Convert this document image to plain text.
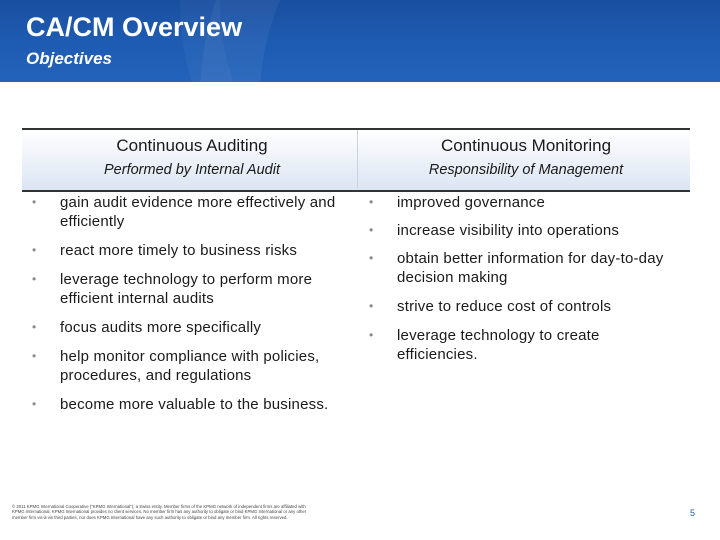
CA/CM Overview
Objectives
Continuous Auditing
Performed by Internal Audit
Continuous Monitoring
Responsibility of Management
• gain audit evidence more effectively and efficiently
• react more timely to business risks
• leverage technology to perform more efficient internal audits
• focus audits more specifically
• help monitor compliance with policies, procedures, and regulations
• become more valuable to the business.
• improved governance
• increase visibility into operations
• obtain better information for day-to-day decision making
• strive to reduce cost of controls
• leverage technology to create efficiencies.
© 2011 KPMG International Cooperative ("KPMG International"), a Swiss entity. Member firms of the KPMG network of independent firms are affiliated with KPMG International. KPMG International provides no client services. No member firm has any authority to obligate or bind KPMG International or any other member firm vis-à-vis third parties, nor does KPMG International have any such authority to obligate or bind any member firm. All rights reserved.	5
